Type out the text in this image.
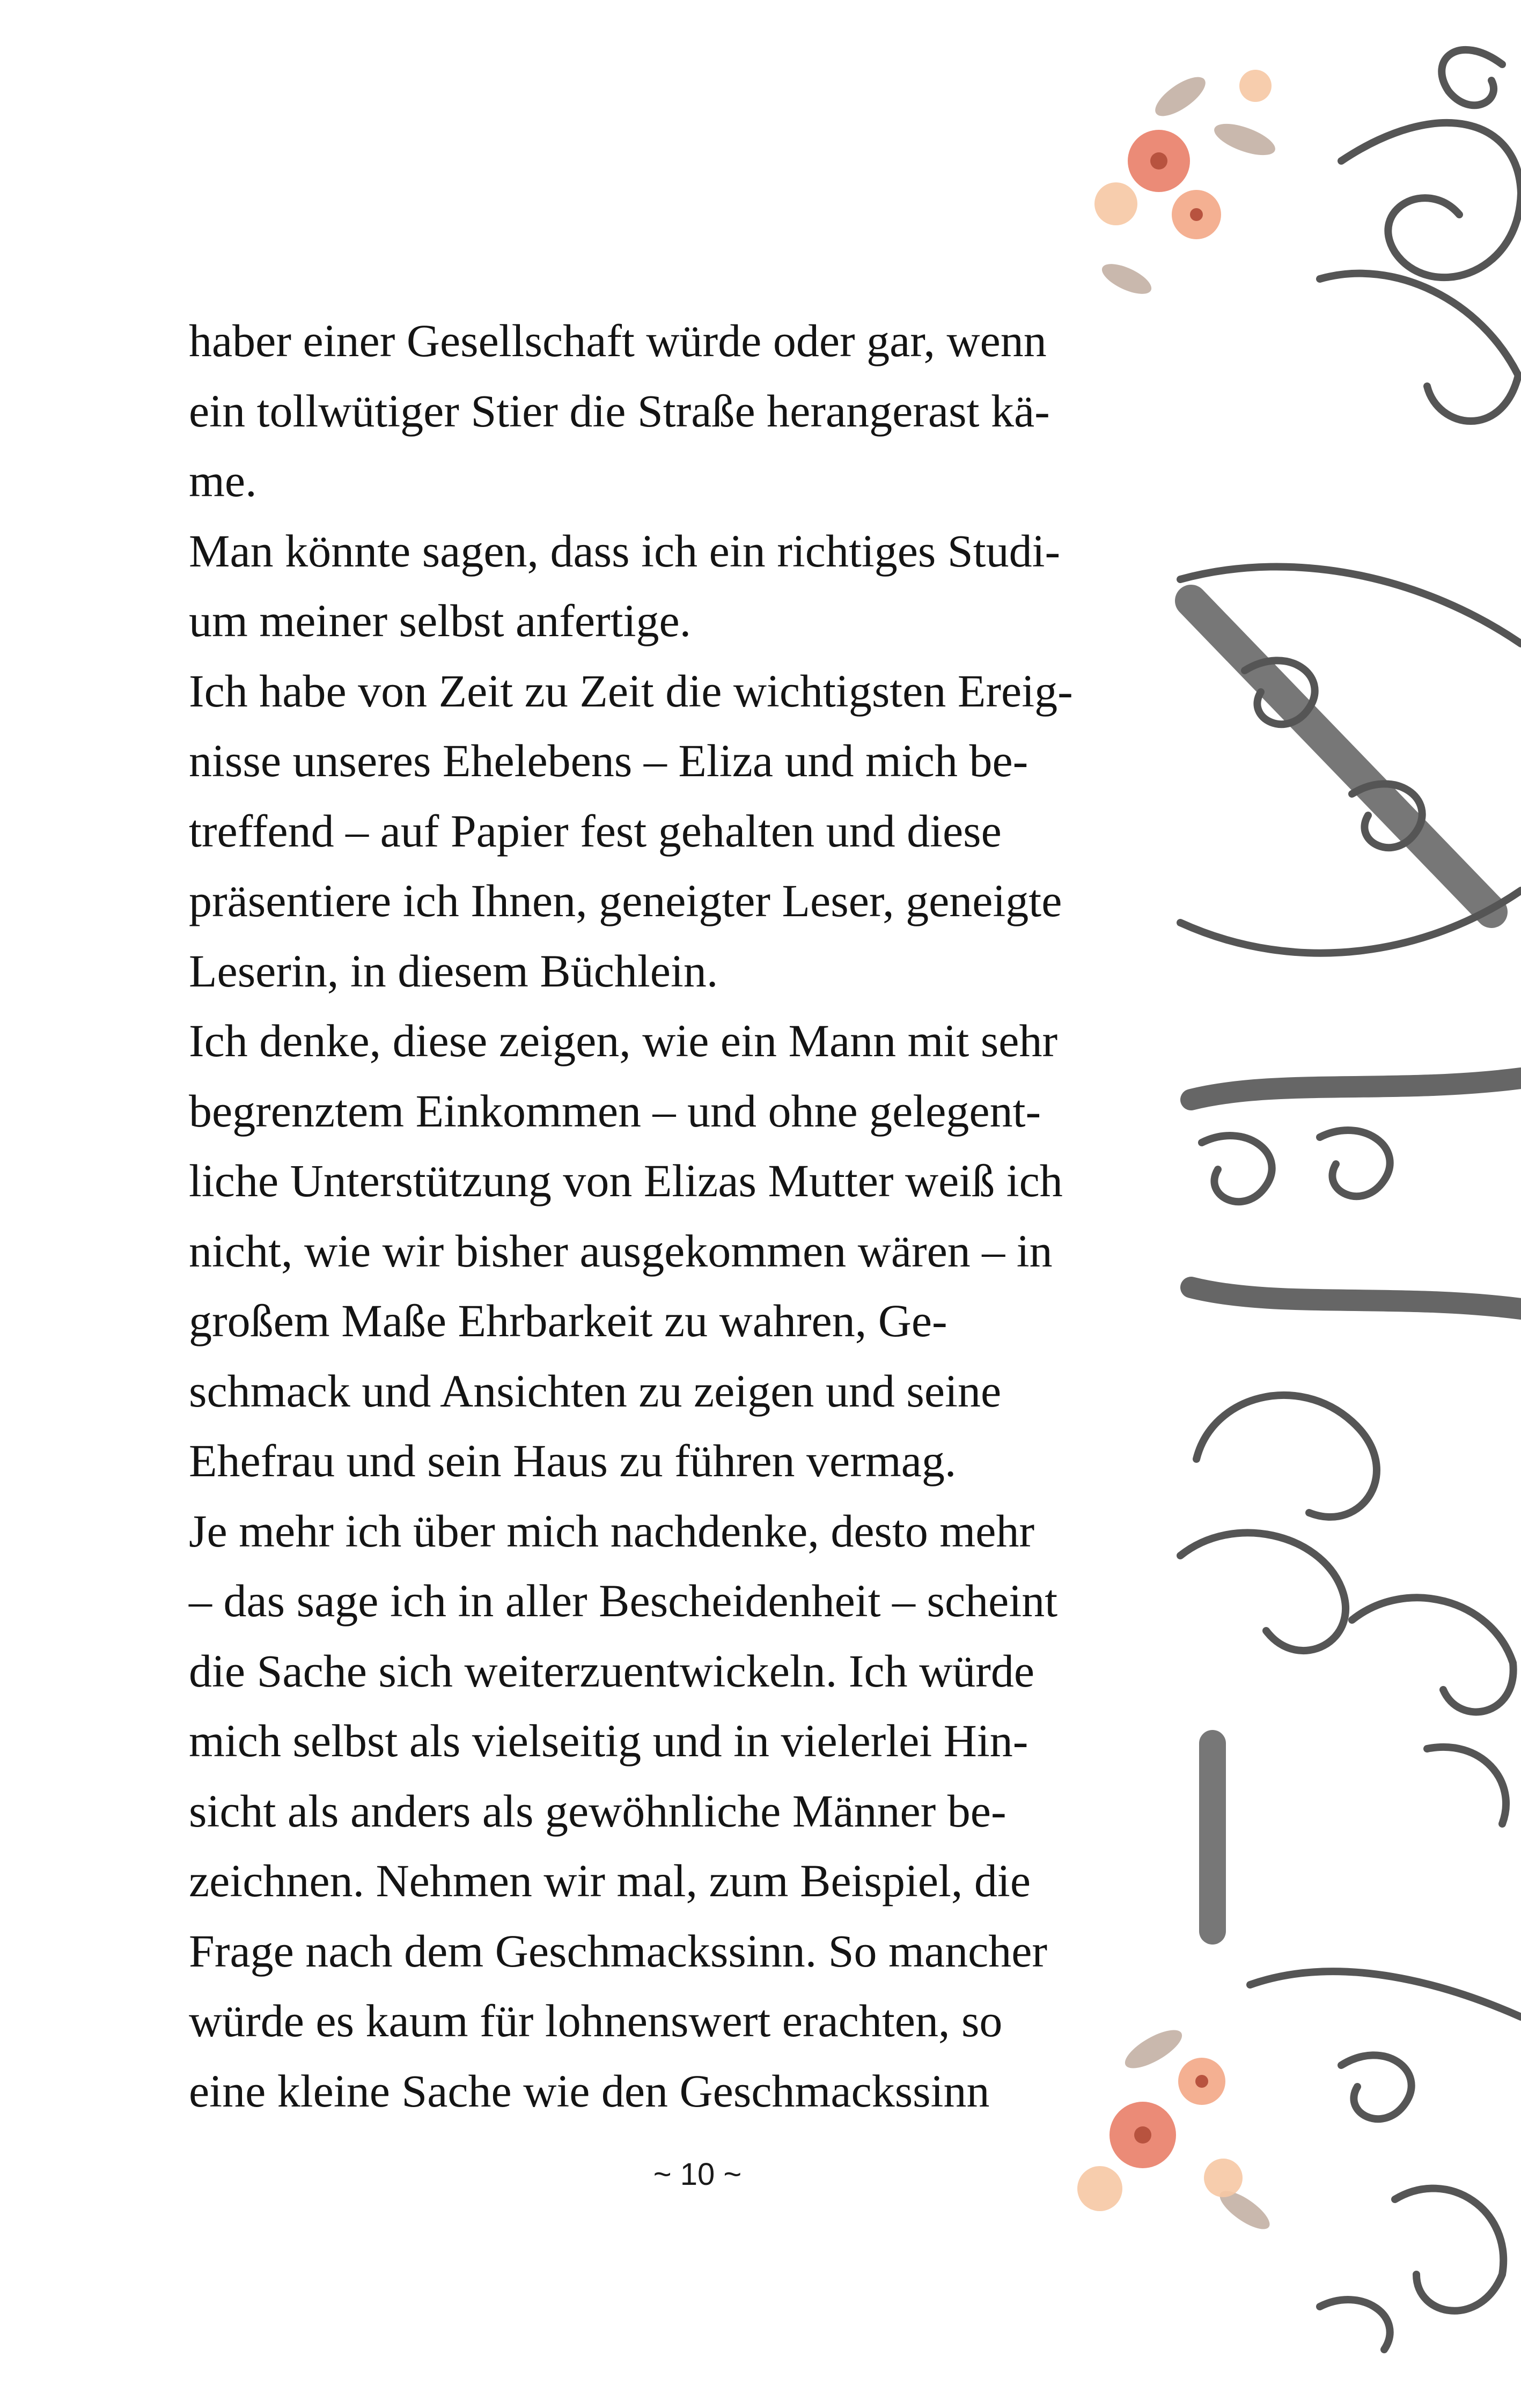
haber einer Gesellschaft würde oder gar, wenn
ein tollwütiger Stier die Straße herangerast kä-
me.
Man könnte sagen, dass ich ein richtiges Studi-
um meiner selbst anfertige.
Ich habe von Zeit zu Zeit die wichtigsten Ereig-
nisse unseres Ehelebens – Eliza und mich be-
treffend – auf Papier fest gehalten und diese
präsentiere ich Ihnen, geneigter Leser, geneigte
Leserin, in diesem Büchlein.
Ich denke, diese zeigen, wie ein Mann mit sehr
begrenztem Einkommen – und ohne gelegent-
liche Unterstützung von Elizas Mutter weiß ich
nicht, wie wir bisher ausgekommen wären – in
großem Maße Ehrbarkeit zu wahren, Ge-
schmack und Ansichten zu zeigen und seine
Ehefrau und sein Haus zu führen vermag.
Je mehr ich über mich nachdenke, desto mehr
– das sage ich in aller Bescheidenheit – scheint
die Sache sich weiterzuentwickeln. Ich würde
mich selbst als vielseitig und in vielerlei Hin-
sicht als anders als gewöhnliche Männer be-
zeichnen. Nehmen wir mal, zum Beispiel, die
Frage nach dem Geschmackssinn. So mancher
würde es kaum für lohnenswert erachten, so
eine kleine Sache wie den Geschmackssinn
~ 10 ~
